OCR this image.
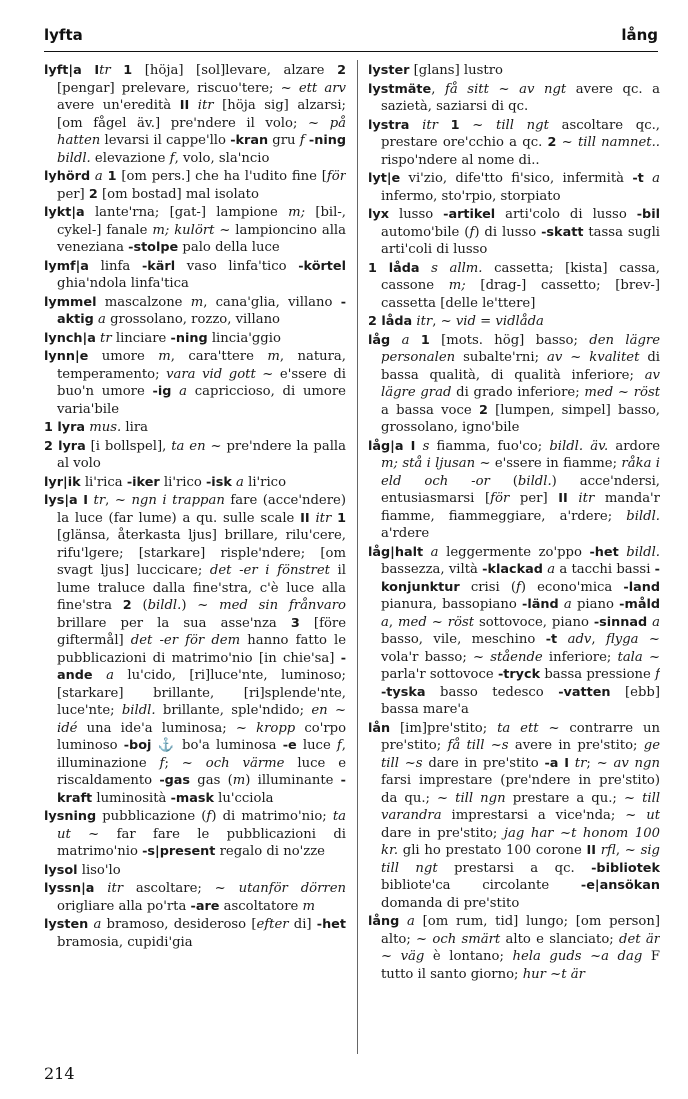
lyfta	lång

lyft|a Itr 1 [höja] [sol]levare, alzare 2 [pengar] prelevare, riscuo'tere; ~ ett arv avere un'eredità II itr [höja sig] alzarsi; [om fågel äv.] pre'ndere il volo; ~ på hatten levarsi il cappe'llo -kran gru f -ning bildl. elevazione f, volo, sla'ncio

lyhörd a 1 [om pers.] che ha l'udito fine [för per] 2 [om bostad] mal isolato

lykt|a lante'rna; [gat-] lampione m; [bil-, cykel-] fanale m; kulört ~ lampioncino alla veneziana -stolpe palo della luce

lymf|a linfa -kärl vaso linfa'tico -körtel ghia'ndola linfa'tica

lymmel mascalzone m, cana'glia, villano -aktig a grossolano, rozzo, villano

lynch|a tr linciare -ning lincia'ggio

lynn|e umore m, cara'ttere m, natura, temperamento; vara vid gott ~ e'ssere di buo'n umore -ig a capriccioso, di umore varia'bile

1 lyra mus. lira

2 lyra [i bollspel], ta en ~ pre'ndere la palla al volo

lyr|ik li'rica -iker li'rico -isk a li'rico

lys|a I tr, ~ ngn i trappan fare (acce'ndere) la luce (far lume) a qu. sulle scale II itr 1 [glänsa, återkasta ljus] brillare, rilu'cere, rifu'lgere; [starkare] risple'ndere; [om svagt ljus] luccicare; det -er i fönstret il lume traluce dalla fine'stra, c'è luce alla fine'stra 2 (bildl.) ~ med sin frånvaro brillare per la sua asse'nza 3 [före giftermål] det -er för dem hanno fatto le pubblicazioni di matrimo'nio [in chie'sa] -ande a lu'cido, [ri]luce'nte, luminoso; [starkare] brillante, [ri]splende'nte, luce'nte; bildl. brillante, sple'ndido; en ~ idé una ide'a luminosa; ~ kropp co'rpo luminoso -boj ⚓ bo'a luminosa -e luce f, illuminazione f; ~ och värme luce e riscaldamento -gas gas (m) illuminante -kraft luminosità -mask lu'cciola

lysning pubblicazione (f) di matrimo'nio; ta ut ~ far fare le pubblicazioni di matrimo'nio -s|present regalo di no'zze

lysol liso'lo

lyssn|a itr ascoltare; ~ utanför dörren origliare alla po'rta -are ascoltatore m

lysten a bramoso, desideroso [efter di] -het bramosia, cupidi'gia

lyster [glans] lustro

lystmäte, få sitt ~ av ngt avere qc. a sazietà, saziarsi di qc.

lystra itr 1 ~ till ngt ascoltare qc., prestare ore'cchio a qc. 2 ~ till namnet.. rispo'ndere al nome di..

lyt|e vi'zio, dife'tto fi'sico, infermità -t a infermo, sto'rpio, storpiato

lyx lusso -artikel arti'colo di lusso -bil automo'bile (f) di lusso -skatt tassa sugli arti'coli di lusso

1 låda s allm. cassetta; [kista] cassa, cassone m; [drag-] cassetto; [brev-] cassetta [delle le'ttere]

2 låda itr, ~ vid = vidlåda

låg a 1 [mots. hög] basso; den lägre personalen subalte'rni; av ~ kvalitet di bassa qualità, di qualità inferiore; av lägre grad di grado inferiore; med ~ röst a bassa voce 2 [lumpen, simpel] basso, grossolano, igno'bile

låg|a I s fiamma, fuo'co; bildl. äv. ardore m; stå i ljusan ~ e'ssere in fiamme; råka i eld och -or (bildl.) acce'ndersi, entusiasmarsi [för per] II itr manda'r fiamme, fiammeggiare, a'rdere; bildl. a'rdere

låg|halt a leggermente zo'ppo -het bildl. bassezza, viltà -klackad a a tacchi bassi -konjunktur crisi (f) econo'mica -land pianura, bassopiano -länd a piano -måld a, med ~ röst sottovoce, piano -sinnad a basso, vile, meschino -t adv, flyga ~ vola'r basso; ~ stående inferiore; tala ~ parla'r sottovoce -tryck bassa pressione f -tyska basso tedesco -vatten [ebb] bassa mare'a

lån [im]pre'stito; ta ett ~ contrarre un pre'stito; få till ~s avere in pre'stito; ge till ~s dare in pre'stito -a I tr; ~ av ngn farsi imprestare (pre'ndere in pre'stito) da qu.; ~ till ngn prestare a qu.; ~ till varandra imprestarsi a vice'nda; ~ ut dare in pre'stito; jag har ~t honom 100 kr. gli ho prestato 100 corone II rfl, ~ sig till ngt prestarsi a qc. -bibliotek bibliote'ca circolante -e|ansökan domanda di pre'stito

lång a [om rum, tid] lungo; [om person] alto; ~ och smärt alto e slanciato; det är ~ väg è lontano; hela guds ~a dag F tutto il santo giorno; hur ~t är

214
